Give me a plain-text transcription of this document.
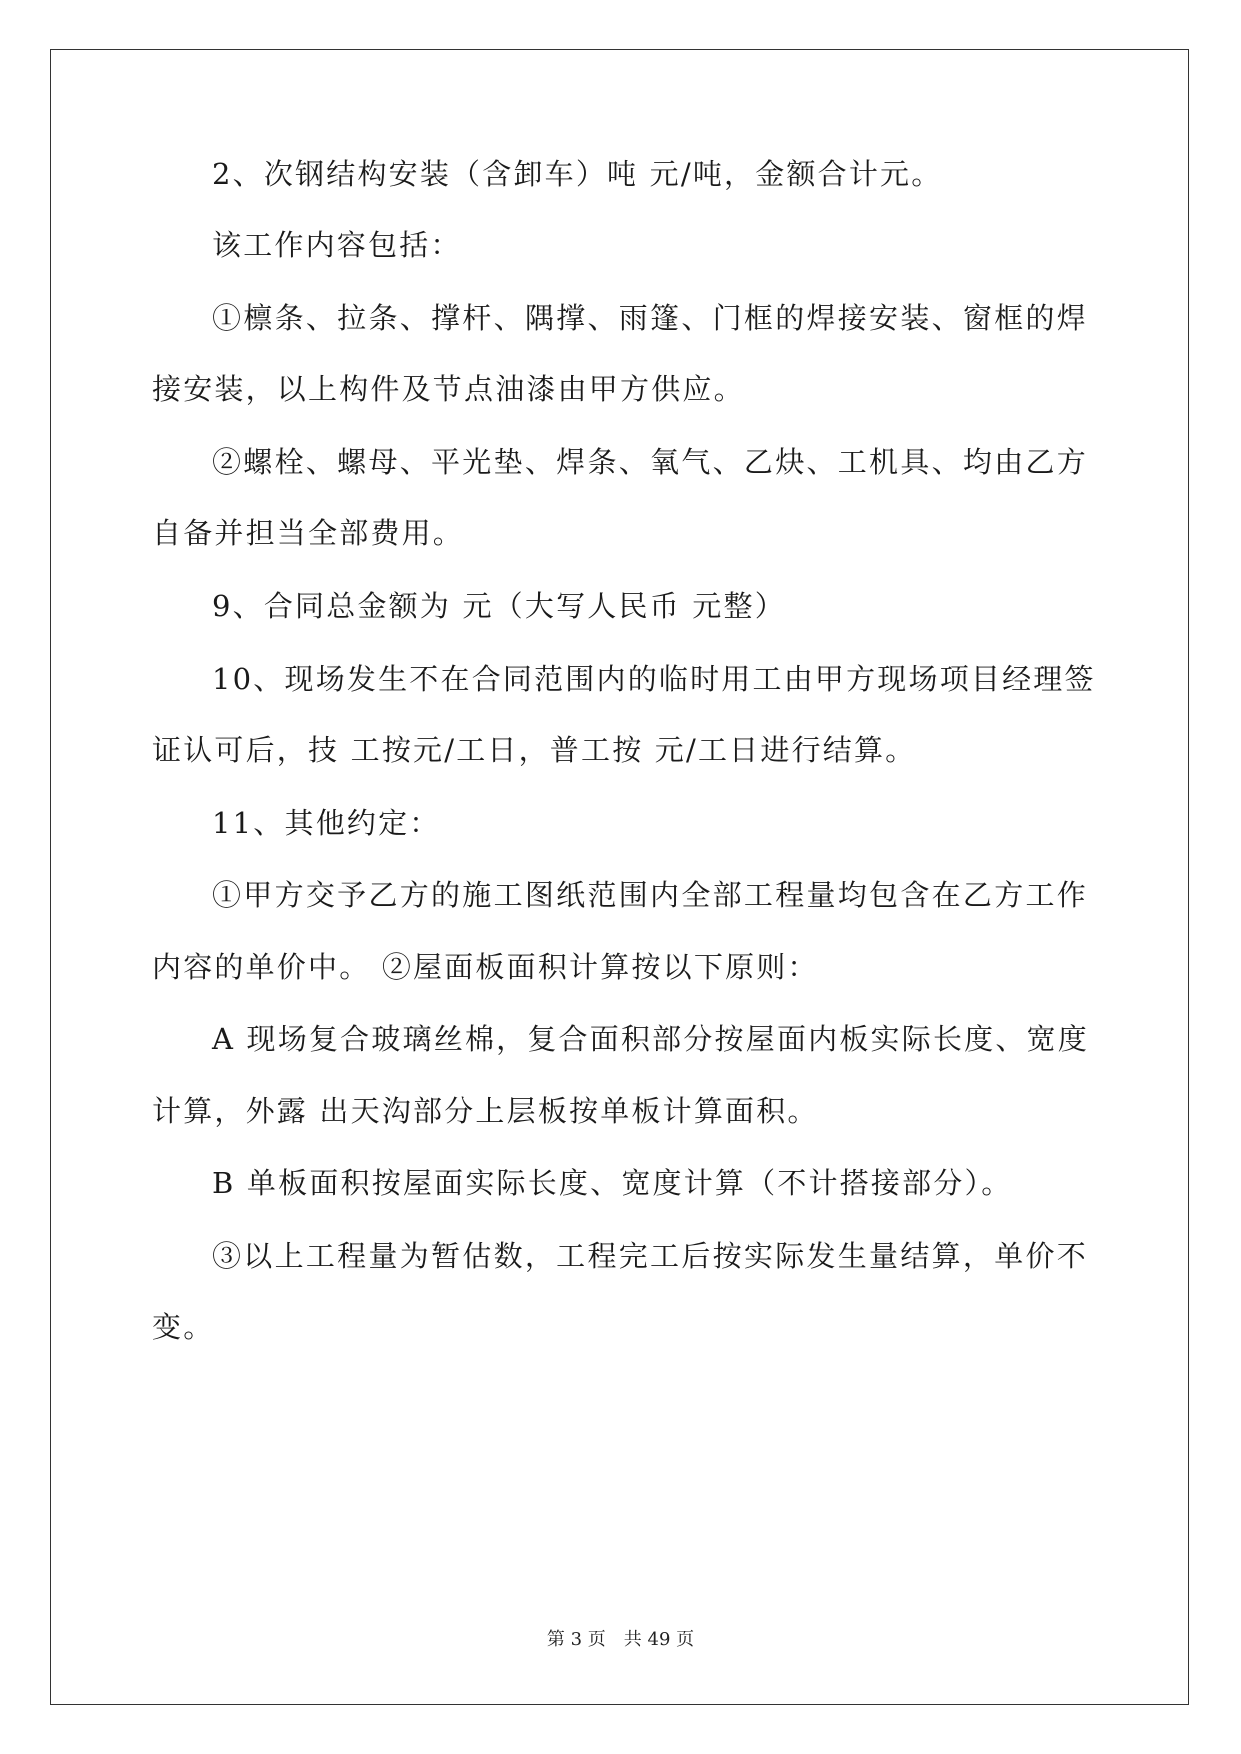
2、次钢结构安装（含卸车）吨 元/吨，金额合计元。
该工作内容包括：
①檩条、拉条、撑杆、隅撑、雨篷、门框的焊接安装、窗框的焊
接安装，以上构件及节点油漆由甲方供应。
②螺栓、螺母、平光垫、焊条、氧气、乙炔、工机具、均由乙方
自备并担当全部费用。
9、合同总金额为 元（大写人民币 元整）
10、现场发生不在合同范围内的临时用工由甲方现场项目经理签
证认可后，技 工按元/工日，普工按 元/工日进行结算。
11、其他约定：
①甲方交予乙方的施工图纸范围内全部工程量均包含在乙方工作
内容的单价中。 ②屋面板面积计算按以下原则：
A 现场复合玻璃丝棉，复合面积部分按屋面内板实际长度、宽度
计算，外露 出天沟部分上层板按单板计算面积。
B 单板面积按屋面实际长度、宽度计算（不计搭接部分）。
③以上工程量为暂估数，工程完工后按实际发生量结算，单价不
变。
第 3 页 共 49 页
